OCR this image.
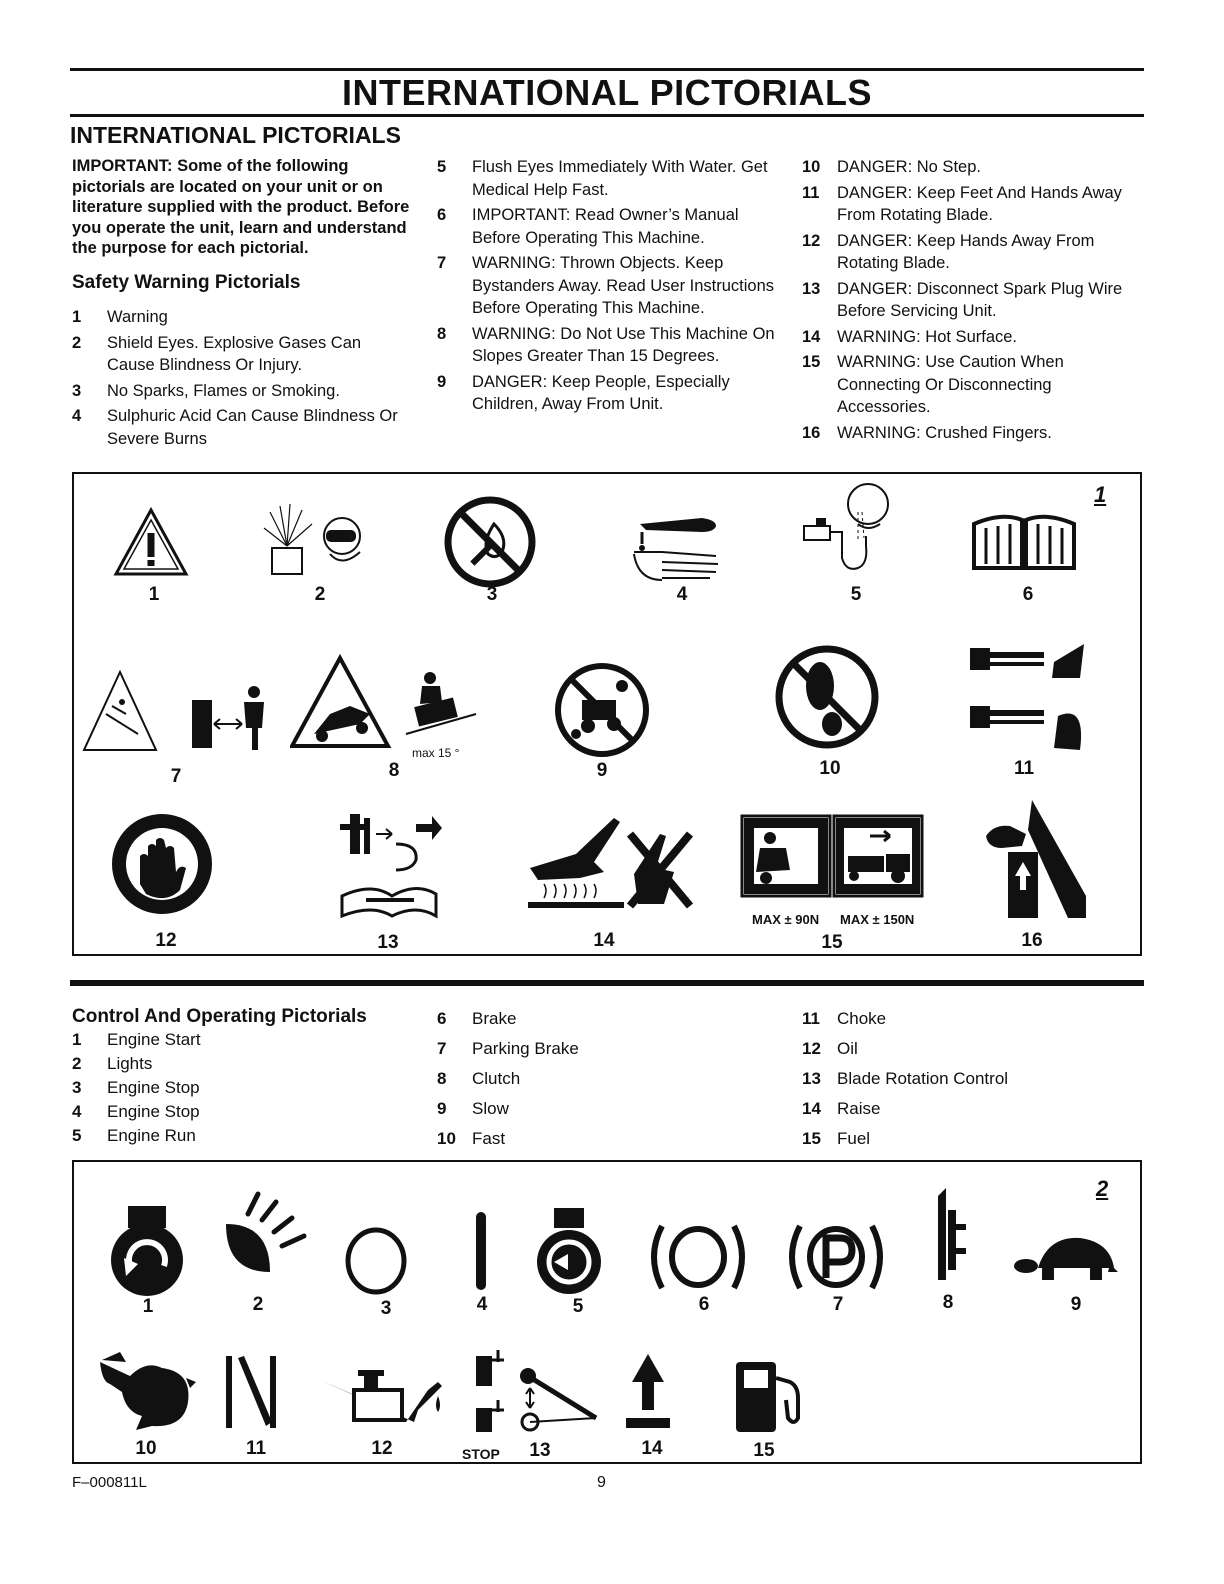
INTERNATIONAL PICTORIALS
INTERNATIONAL PICTORIALS
IMPORTANT: Some of the following pictorials are located on your unit or on literature supplied with the product. Before you operate the unit, learn and understand the purpose for each pictorial.
Safety Warning Pictorials
1	Warning
2	Shield Eyes. Explosive Gases Can Cause Blindness Or Injury.
3	No Sparks, Flames or Smoking.
4	Sulphuric Acid Can Cause Blindness Or Severe Burns
5	Flush Eyes Immediately With Water. Get Medical Help Fast.
6	IMPORTANT: Read Owner’s Manual Before Operating This Machine.
7	WARNING: Thrown Objects. Keep Bystanders Away. Read User Instructions Before Operating This Machine.
8	WARNING: Do Not Use This Machine On Slopes Greater Than 15 Degrees.
9	DANGER: Keep People, Especially Children, Away From Unit.
10	DANGER: No Step.
11	DANGER: Keep Feet And Hands Away From Rotating Blade.
12	DANGER: Keep Hands Away From Rotating Blade.
13	DANGER: Disconnect Spark Plug Wire Before Servicing Unit.
14	WARNING: Hot Surface.
15	WARNING: Use Caution When Connecting Or Disconnecting Accessories.
16	WARNING: Crushed Fingers.
1
1	2	3	4	5	6
max 15 °
7	8	9	10	11
MAX ± 90N MAX ± 150N
12	13	14	15	16
Control And Operating Pictorials
1	Engine Start
2	Lights
3	Engine Stop
4	Engine Stop
5	Engine Run
6	Brake
7	Parking Brake
8	Clutch
9	Slow
10 Fast
11	Choke
12 Oil
13 Blade Rotation Control
14 Raise
15 Fuel
2
1	2	3	4	5	6	7	8	9
STOP
10	11	12	13	14	15
F–000811L	9
